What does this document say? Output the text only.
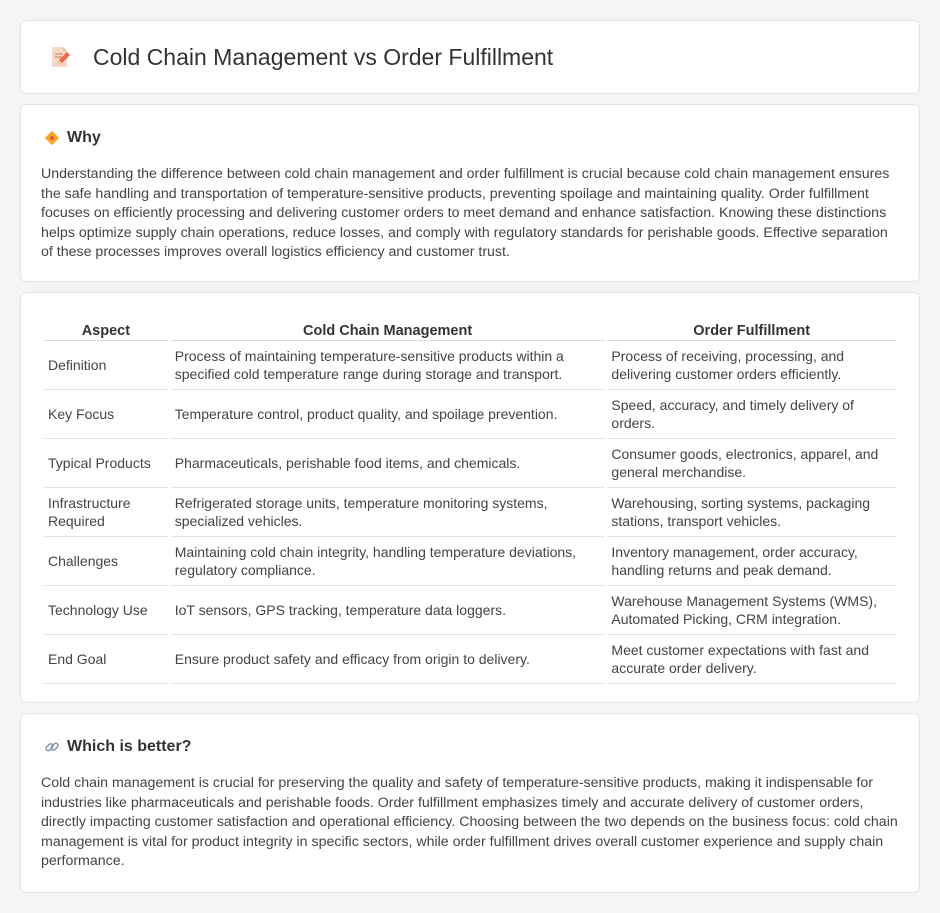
Cold Chain Management vs Order Fulfillment
Why

Understanding the difference between cold chain management and order fulfillment is crucial because cold chain management ensures the safe handling and transportation of temperature-sensitive products, preventing spoilage and maintaining quality. Order fulfillment focuses on efficiently processing and delivering customer orders to meet demand and enhance satisfaction. Knowing these distinctions helps optimize supply chain operations, reduce losses, and comply with regulatory standards for perishable goods. Effective separation of these processes improves overall logistics efficiency and customer trust.

Aspect	Cold Chain Management	Order Fulfillment
Definition	Process of maintaining temperature-sensitive products within a specified cold temperature range during storage and transport.	Process of receiving, processing, and delivering customer orders efficiently.
Key Focus	Temperature control, product quality, and spoilage prevention.	Speed, accuracy, and timely delivery of orders.
Typical Products	Pharmaceuticals, perishable food items, and chemicals.	Consumer goods, electronics, apparel, and general merchandise.
Infrastructure Required	Refrigerated storage units, temperature monitoring systems, specialized vehicles.	Warehousing, sorting systems, packaging stations, transport vehicles.
Challenges	Maintaining cold chain integrity, handling temperature deviations, regulatory compliance.	Inventory management, order accuracy, handling returns and peak demand.
Technology Use	IoT sensors, GPS tracking, temperature data loggers.	Warehouse Management Systems (WMS), Automated Picking, CRM integration.
End Goal	Ensure product safety and efficacy from origin to delivery.	Meet customer expectations with fast and accurate order delivery.
Which is better?

Cold chain management is crucial for preserving the quality and safety of temperature-sensitive products, making it indispensable for industries like pharmaceuticals and perishable foods. Order fulfillment emphasizes timely and accurate delivery of customer orders, directly impacting customer satisfaction and operational efficiency. Choosing between the two depends on the business focus: cold chain management is vital for product integrity in specific sectors, while order fulfillment drives overall customer experience and supply chain performance.
